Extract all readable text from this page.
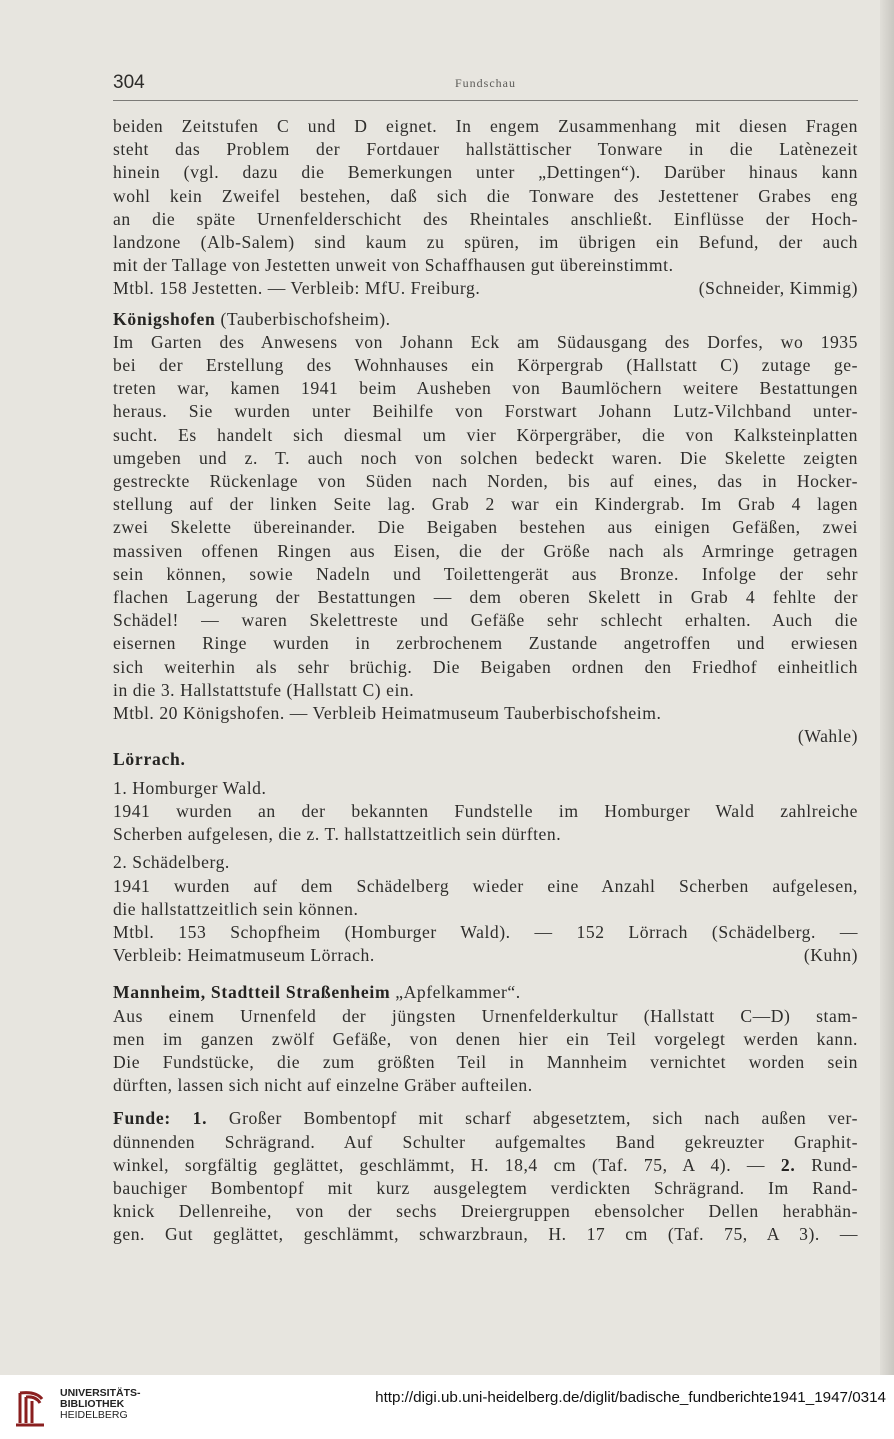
304	Fundschau

beiden Zeitstufen C und D eignet. In engem Zusammenhang mit diesen Fragen
steht das Problem der Fortdauer hallstättischer Tonware in die Latènezeit
hinein (vgl. dazu die Bemerkungen unter „Dettingen“). Darüber hinaus kann
wohl kein Zweifel bestehen, daß sich die Tonware des Jestettener Grabes eng
an die späte Urnenfelderschicht des Rheintales anschließt. Einflüsse der Hoch-
landzone (Alb-Salem) sind kaum zu spüren, im übrigen ein Befund, der auch
mit der Tallage von Jestetten unweit von Schaffhausen gut übereinstimmt.

Mtbl. 158 Jestetten. — Verbleib: MfU. Freiburg.	(Schneider, Kimmig)

Königshofen (Tauberbischofsheim).

Im Garten des Anwesens von Johann Eck am Südausgang des Dorfes, wo 1935
bei der Erstellung des Wohnhauses ein Körpergrab (Hallstatt C) zutage ge-
treten war, kamen 1941 beim Ausheben von Baumlöchern weitere Bestattungen
heraus. Sie wurden unter Beihilfe von Forstwart Johann Lutz-Vilchband unter-
sucht. Es handelt sich diesmal um vier Körpergräber, die von Kalksteinplatten
umgeben und z. T. auch noch von solchen bedeckt waren. Die Skelette zeigten
gestreckte Rückenlage von Süden nach Norden, bis auf eines, das in Hocker-
stellung auf der linken Seite lag. Grab 2 war ein Kindergrab. Im Grab 4 lagen
zwei Skelette übereinander. Die Beigaben bestehen aus einigen Gefäßen, zwei
massiven offenen Ringen aus Eisen, die der Größe nach als Armringe getragen
sein können, sowie Nadeln und Toilettengerät aus Bronze. Infolge der sehr
flachen Lagerung der Bestattungen — dem oberen Skelett in Grab 4 fehlte der
Schädel! — waren Skelettreste und Gefäße sehr schlecht erhalten. Auch die
eisernen Ringe wurden in zerbrochenem Zustande angetroffen und erwiesen
sich weiterhin als sehr brüchig. Die Beigaben ordnen den Friedhof einheitlich
in die 3. Hallstattstufe (Hallstatt C) ein.

Mtbl. 20 Königshofen. — Verbleib Heimatmuseum Tauberbischofsheim.
(Wahle)

Lörrach.

1. Homburger Wald.

1941 wurden an der bekannten Fundstelle im Homburger Wald zahlreiche
Scherben aufgelesen, die z. T. hallstattzeitlich sein dürften.

2. Schädelberg.

1941 wurden auf dem Schädelberg wieder eine Anzahl Scherben aufgelesen,
die hallstattzeitlich sein können.

Mtbl. 153 Schopfheim (Homburger Wald). — 152 Lörrach (Schädelberg. —
Verbleib: Heimatmuseum Lörrach.	(Kuhn)

Mannheim, Stadtteil Straßenheim „Apfelkammer“.

Aus einem Urnenfeld der jüngsten Urnenfelderkultur (Hallstatt C—D) stam-
men im ganzen zwölf Gefäße, von denen hier ein Teil vorgelegt werden kann.
Die Fundstücke, die zum größten Teil in Mannheim vernichtet worden sein
dürften, lassen sich nicht auf einzelne Gräber aufteilen.

Funde: 1. Großer Bombentopf mit scharf abgesetztem, sich nach außen ver-
dünnenden Schrägrand. Auf Schulter aufgemaltes Band gekreuzter Graphit-
winkel, sorgfältig geglättet, geschlämmt, H. 18,4 cm (Taf. 75, A 4). — 2. Rund-
bauchiger Bombentopf mit kurz ausgelegtem verdickten Schrägrand. Im Rand-
knick Dellenreihe, von der sechs Dreiergruppen ebensolcher Dellen herabhän-
gen. Gut geglättet, geschlämmt, schwarzbraun, H. 17 cm (Taf. 75, A 3). —

UNIVERSITÄTS-
BIBLIOTHEK
HEIDELBERG
http://digi.ub.uni-heidelberg.de/diglit/badische_fundberichte1941_1947/0314
